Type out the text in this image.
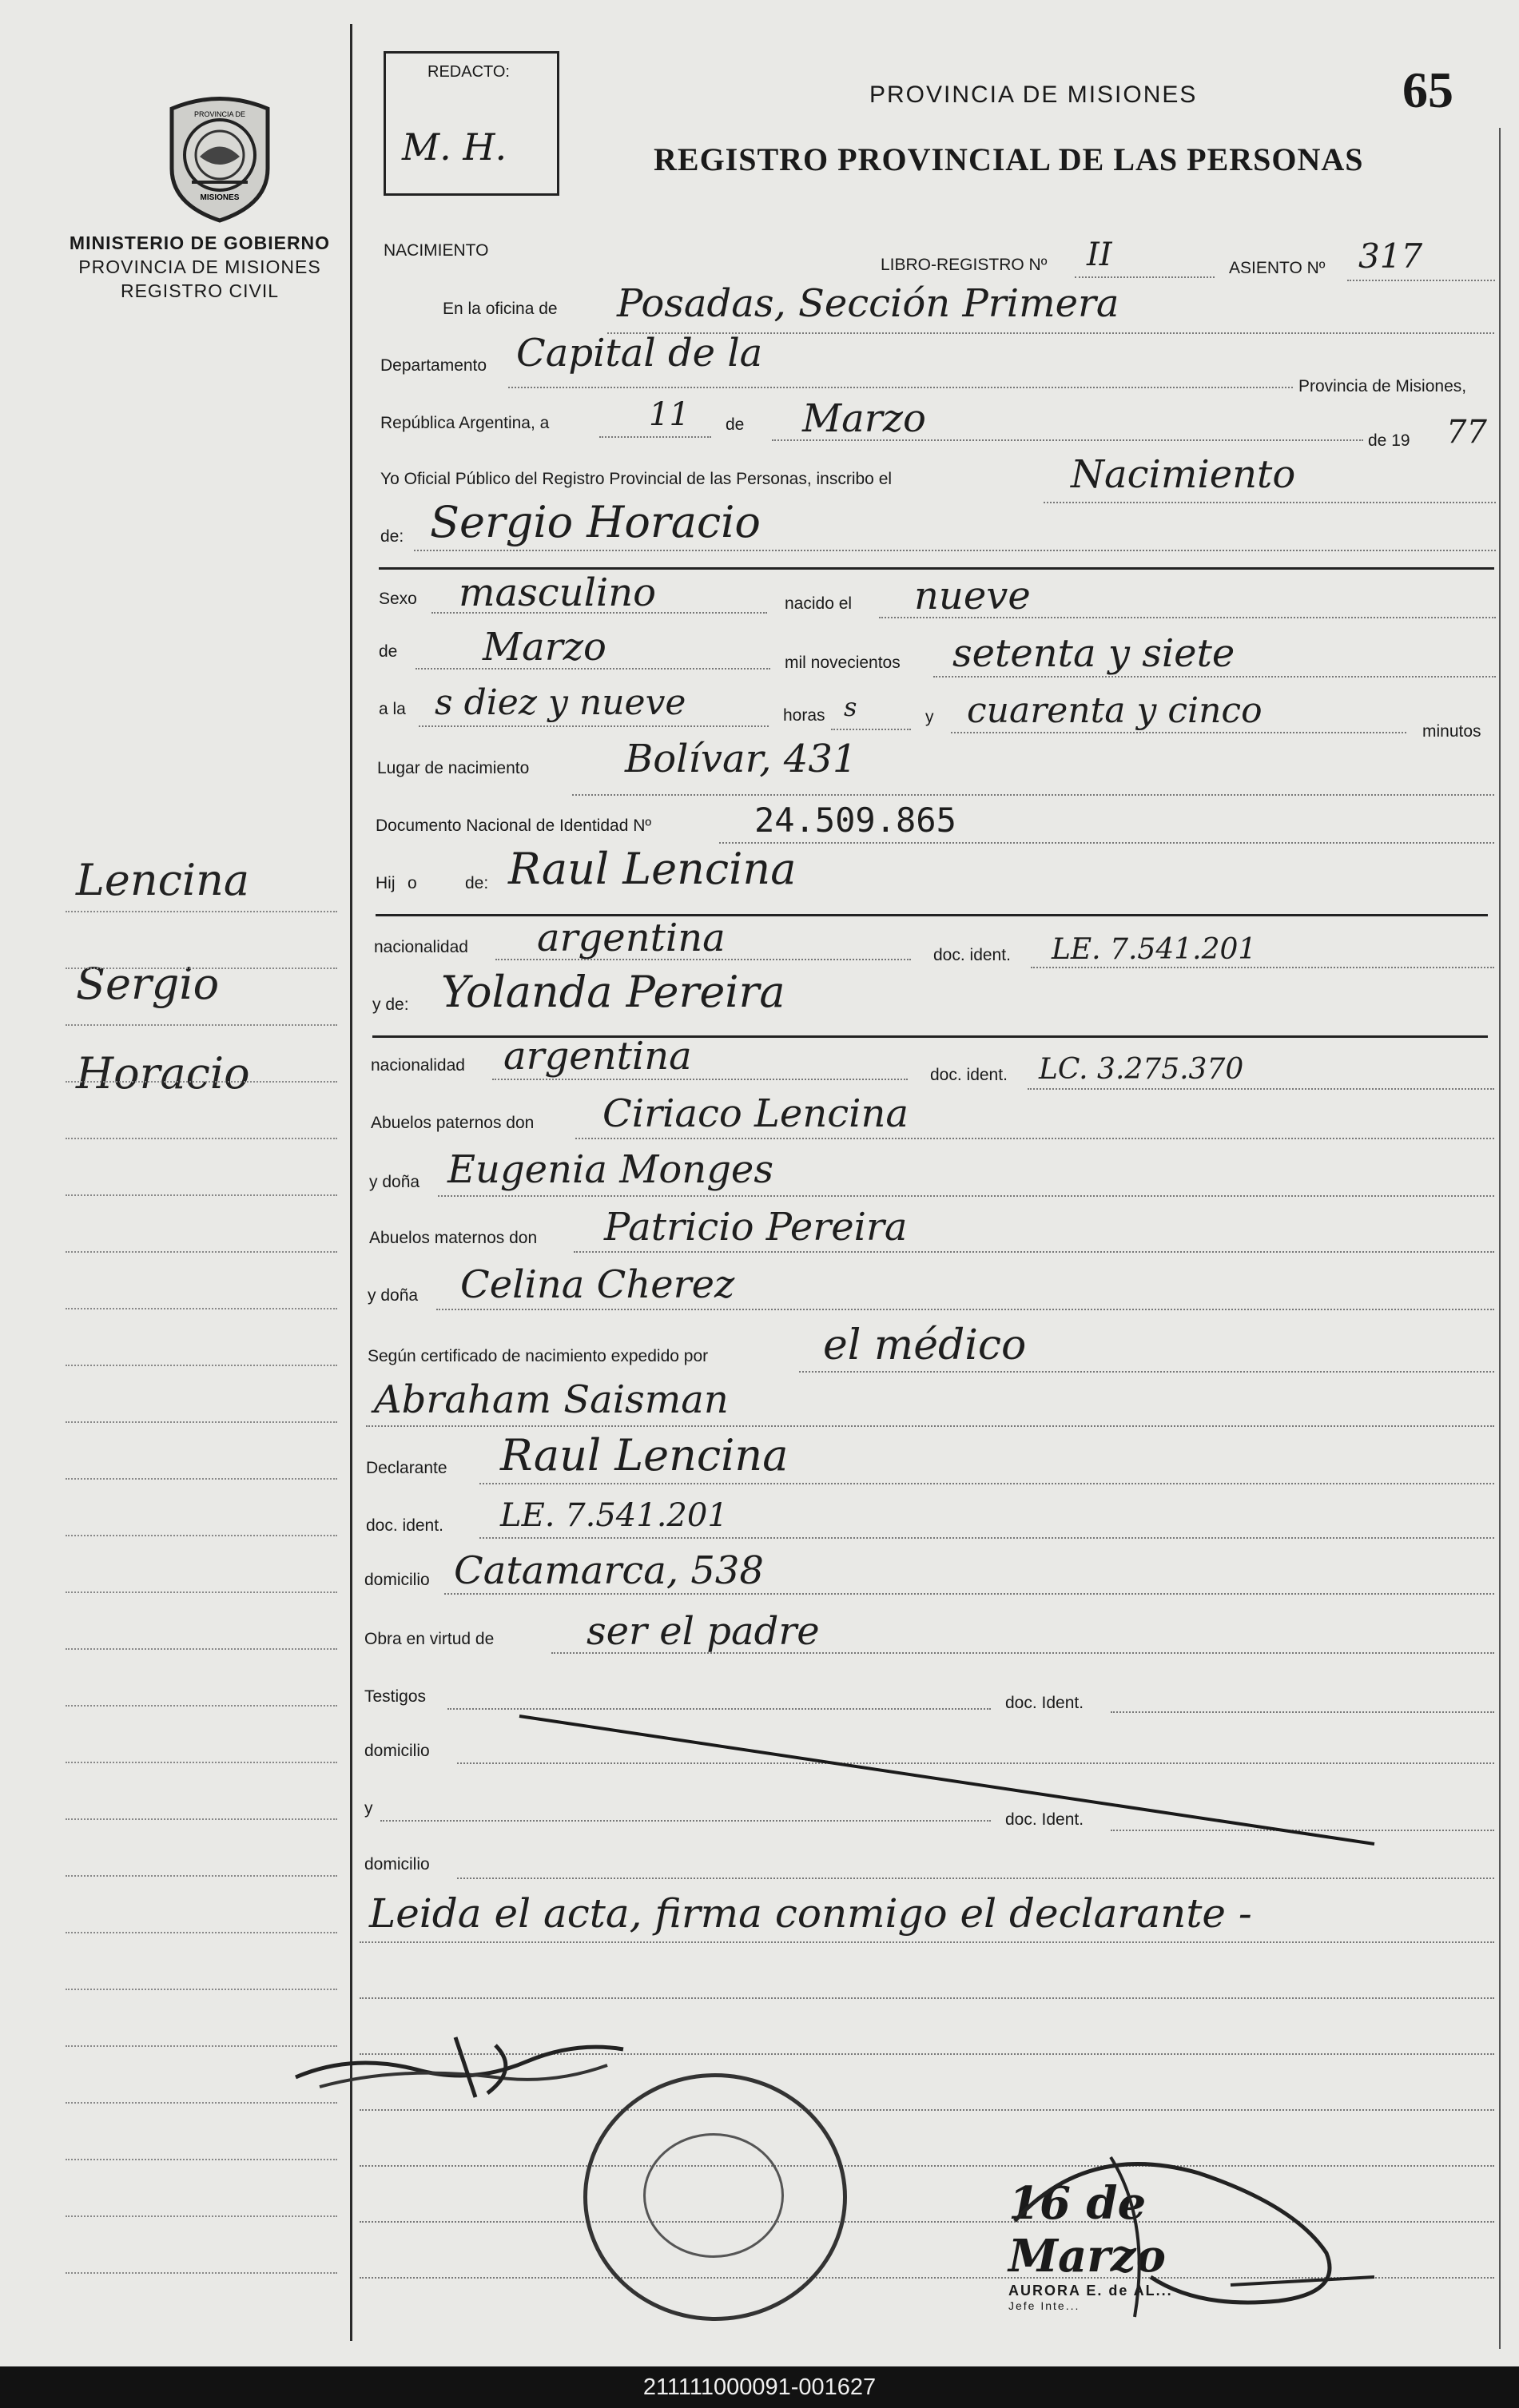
PROVINCIA DE
MISIONES
MINISTERIO DE GOBIERNO
PROVINCIA DE MISIONES
REGISTRO CIVIL
Lencina
Sergio
Horacio
REDACTO:
M. H.
PROVINCIA DE MISIONES	65
REGISTRO PROVINCIAL DE LAS PERSONAS
NACIMIENTO
LIBRO-REGISTRO Nº II	ASIENTO Nº 317
En la oficina de Posadas, Sección Primera
Departamento Capital de la
Provincia de Misiones,
República Argentina, a	11 de Marzo	de 19 77
Yo Oficial Público del Registro Provincial de las Personas, inscribo el	Nacimiento
de: Sergio Horacio
Sexo masculino	nacido el nueve
de Marzo	mil novecientos setenta y siete
a la s diez y nueve	horas s	y cuarenta y cinco
minutos
Lugar de nacimiento Bolívar, 431
Documento Nacional de Identidad Nº	24.509.865
Hij o	de: Raul Lencina
nacionalidad argentina	doc. ident. LE. 7.541.201
y de: Yolanda Pereira
nacionalidad argentina	doc. ident. LC. 3.275.370
Abuelos paternos don Ciriaco Lencina
y doña Eugenia Monges
Abuelos maternos don Patricio Pereira
y doña Celina Cherez
Según certificado de nacimiento expedido por	el médico
Abraham Saisman
Declarante Raul Lencina
doc. ident. LE. 7.541.201
domicilio Catamarca, 538
Obra en virtud de ser el padre
Testigos	doc. Ident.
domicilio
y
doc. Ident.
domicilio
Leida el acta, firma conmigo el declarante -
16 de Marzo
AURORA E. de AL...
Jefe Inte...
211111000091-001627
